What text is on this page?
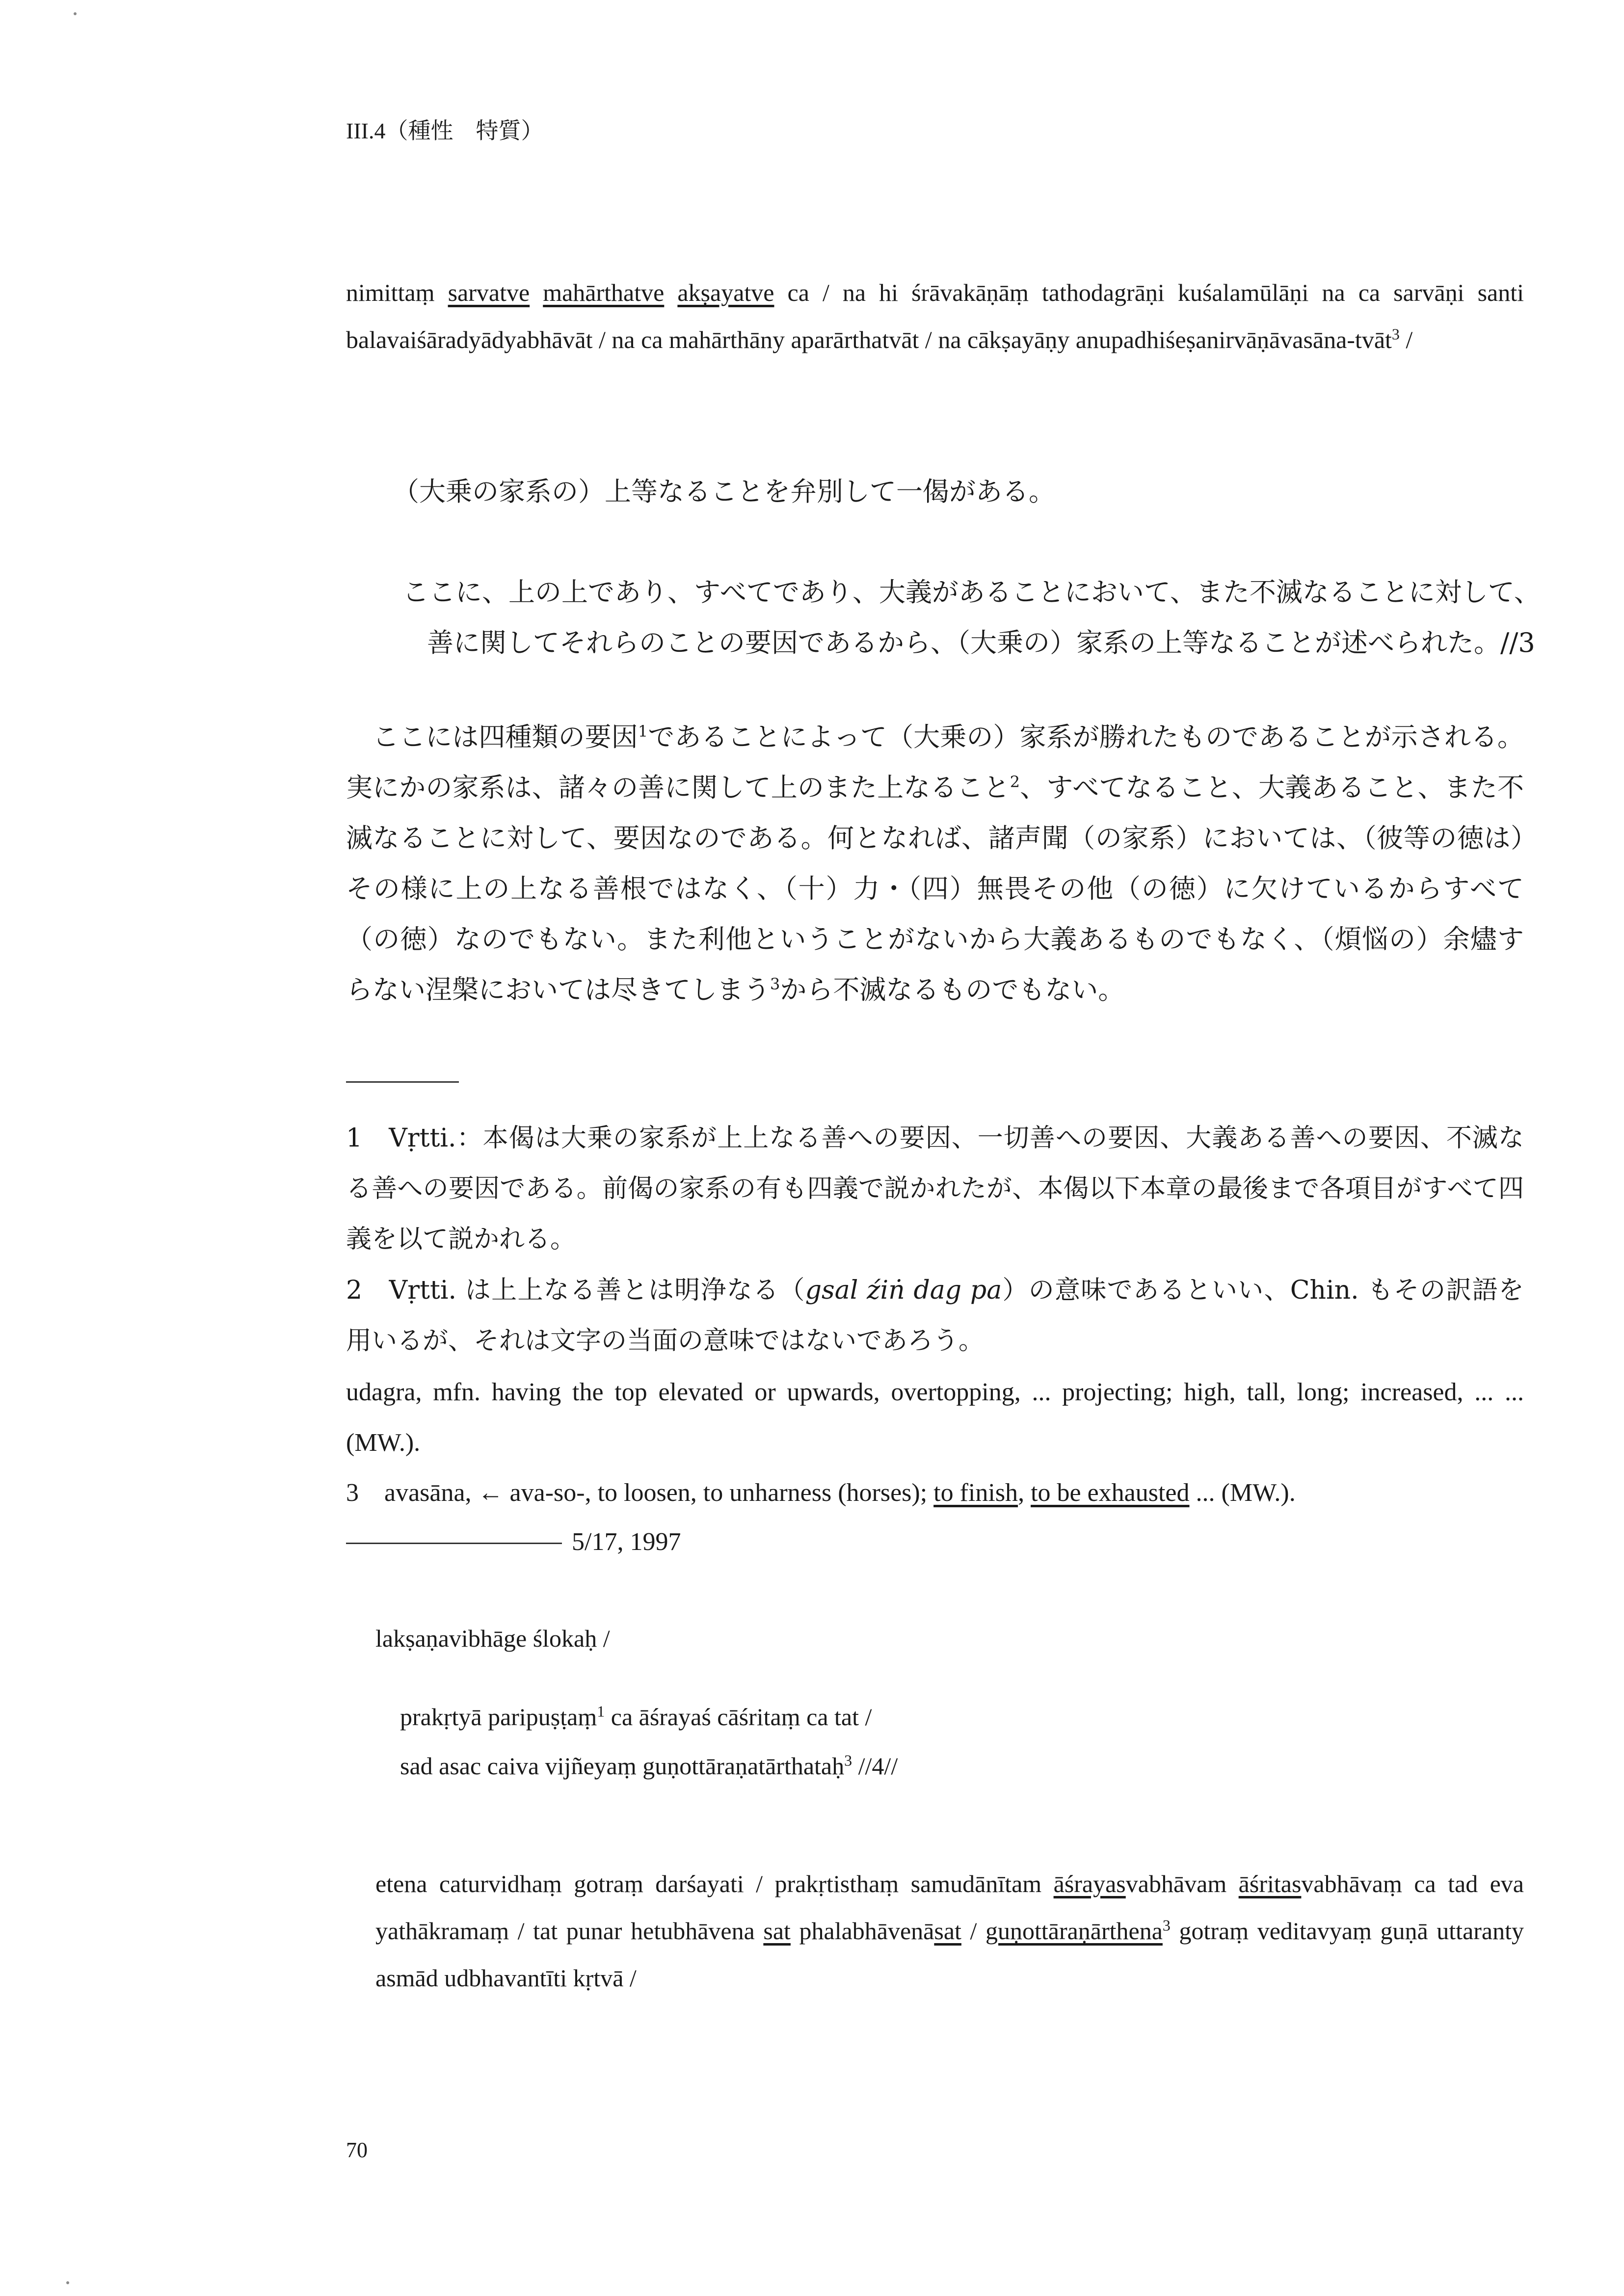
III.4（種性　特質）
nimittaṃ sarvatve mahārthatve akṣayatve ca / na hi śrāvakāṇāṃ tathodagrāṇi kuśalamūlāṇi na ca sarvāṇi santi balavaiśāradyādyabhāvāt / na ca mahārthāny aparārthatvāt / na cākṣayāṇy anupadhiśeṣanirvāṇāvasāna-tvāt$^3$ /
（大乗の家系の）上等なることを弁別して一偈がある。
ここに、上の上であり、すべてであり、大義があることにおいて、また不滅なることに対して、
善に関してそれらのことの要因であるから、（大乗の）家系の上等なることが述べられた。//3
ここには四種類の要因$^1$であることによって（大乗の）家系が勝れたものであることが示される。実にかの家系は、諸々の善に関して上のまた上なること$^2$、すべてなること、大義あること、また不滅なることに対して、要因なのである。何となれば、諸声聞（の家系）においては、（彼等の徳は）その様に上の上なる善根ではなく、（十）力・（四）無畏その他（の徳）に欠けているからすべて（の徳）なのでもない。また利他ということがないから大義あるものでもなく、（煩悩の）余燼すらない涅槃においては尽きてしまう$^3$から不滅なるものでもない。
1　Vṛtti.：本偈は大乗の家系が上上なる善への要因、一切善への要因、大義ある善への要因、不滅なる善への要因である。前偈の家系の有も四義で説かれたが、本偈以下本章の最後まで各項目がすべて四義を以て説かれる。
2　Vṛtti. は上上なる善とは明浄なる（gsal źiṅ dag pa）の意味であるといい、Chin. もその訳語を用いるが、それは文字の当面の意味ではないであろう。
udagra, mfn. having the top elevated or upwards, overtopping, ... projecting; high, tall, long; increased, ... ... (MW.).
3　avasāna, ← ava-so-, to loosen, to unharness (horses); to finish, to be exhausted ... (MW.).
5/17, 1997
lakṣaṇavibhāge ślokaḥ /
prakṛtyā paripuṣṭaṃ$^1$ ca āśrayaś cāśritaṃ ca tat /
sad asac caiva vijñeyaṃ guṇottāraṇatārthataḥ$^3$ //4//
etena caturvidhaṃ gotraṃ darśayati / prakṛtisthaṃ samudānītam āśrayasvabhāvam āśritasvabhāvaṃ ca tad eva yathākramaṃ / tat punar hetubhāvena sat phalabhāvenāsat / guṇottāraṇārthena$^3$ gotraṃ veditavyaṃ guṇā uttaranty asmād udbhavantīti kṛtvā /
70
